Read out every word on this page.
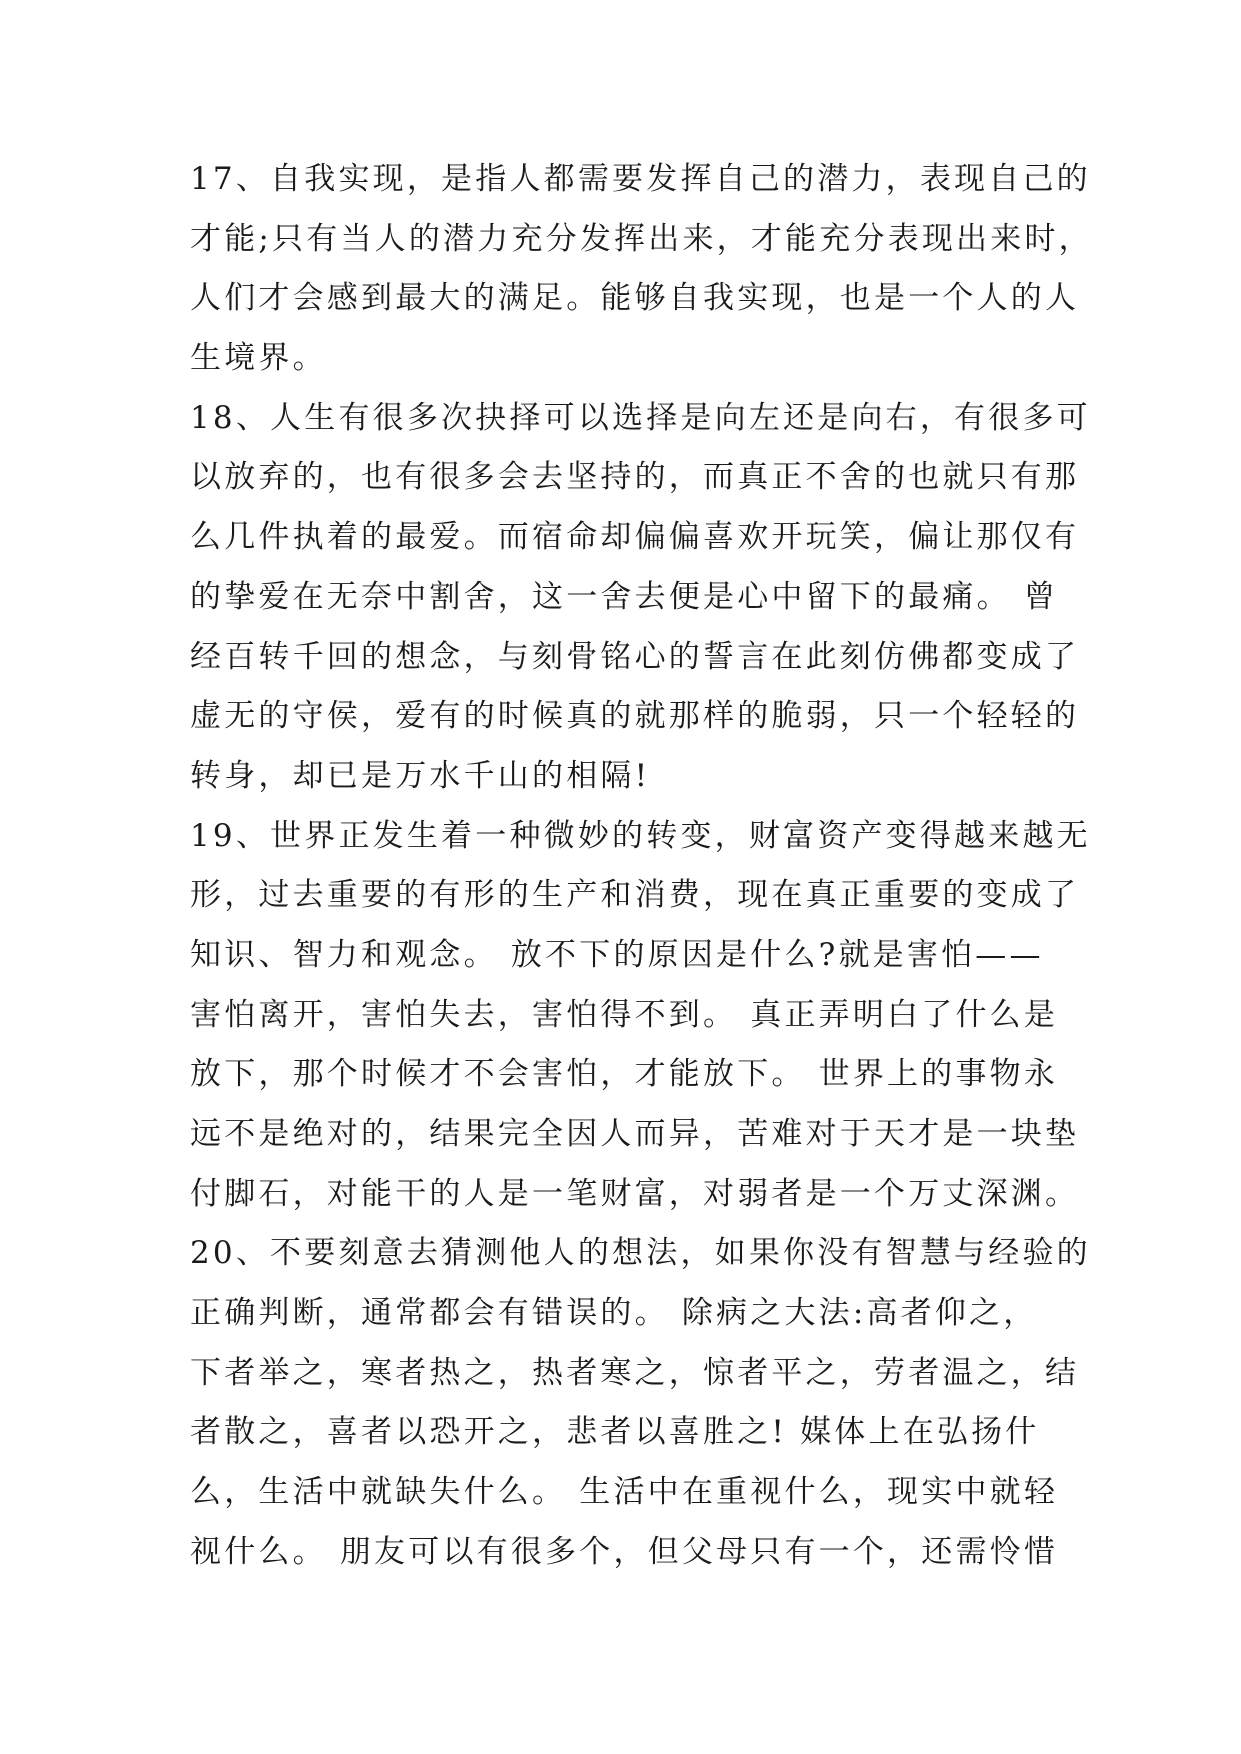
17、自我实现，是指人都需要发挥自己的潜力，表现自己的
才能;只有当人的潜力充分发挥出来，才能充分表现出来时，
人们才会感到最大的满足。能够自我实现，也是一个人的人
生境界。
18、人生有很多次抉择可以选择是向左还是向右，有很多可
以放弃的，也有很多会去坚持的，而真正不舍的也就只有那
么几件执着的最爱。而宿命却偏偏喜欢开玩笑，偏让那仅有
的挚爱在无奈中割舍，这一舍去便是心中留下的最痛。 曾
经百转千回的想念，与刻骨铭心的誓言在此刻仿佛都变成了
虚无的守侯，爱有的时候真的就那样的脆弱，只一个轻轻的
转身，却已是万水千山的相隔!
19、世界正发生着一种微妙的转变，财富资产变得越来越无
形，过去重要的有形的生产和消费，现在真正重要的变成了
知识、智力和观念。 放不下的原因是什么?就是害怕——
害怕离开，害怕失去，害怕得不到。 真正弄明白了什么是
放下，那个时候才不会害怕，才能放下。 世界上的事物永
远不是绝对的，结果完全因人而异，苦难对于天才是一块垫
付脚石，对能干的人是一笔财富，对弱者是一个万丈深渊。
20、不要刻意去猜测他人的想法，如果你没有智慧与经验的
正确判断，通常都会有错误的。 除病之大法:高者仰之，
下者举之，寒者热之，热者寒之，惊者平之，劳者温之，结
者散之，喜者以恐开之，悲者以喜胜之! 媒体上在弘扬什
么，生活中就缺失什么。 生活中在重视什么，现实中就轻
视什么。 朋友可以有很多个，但父母只有一个，还需怜惜
